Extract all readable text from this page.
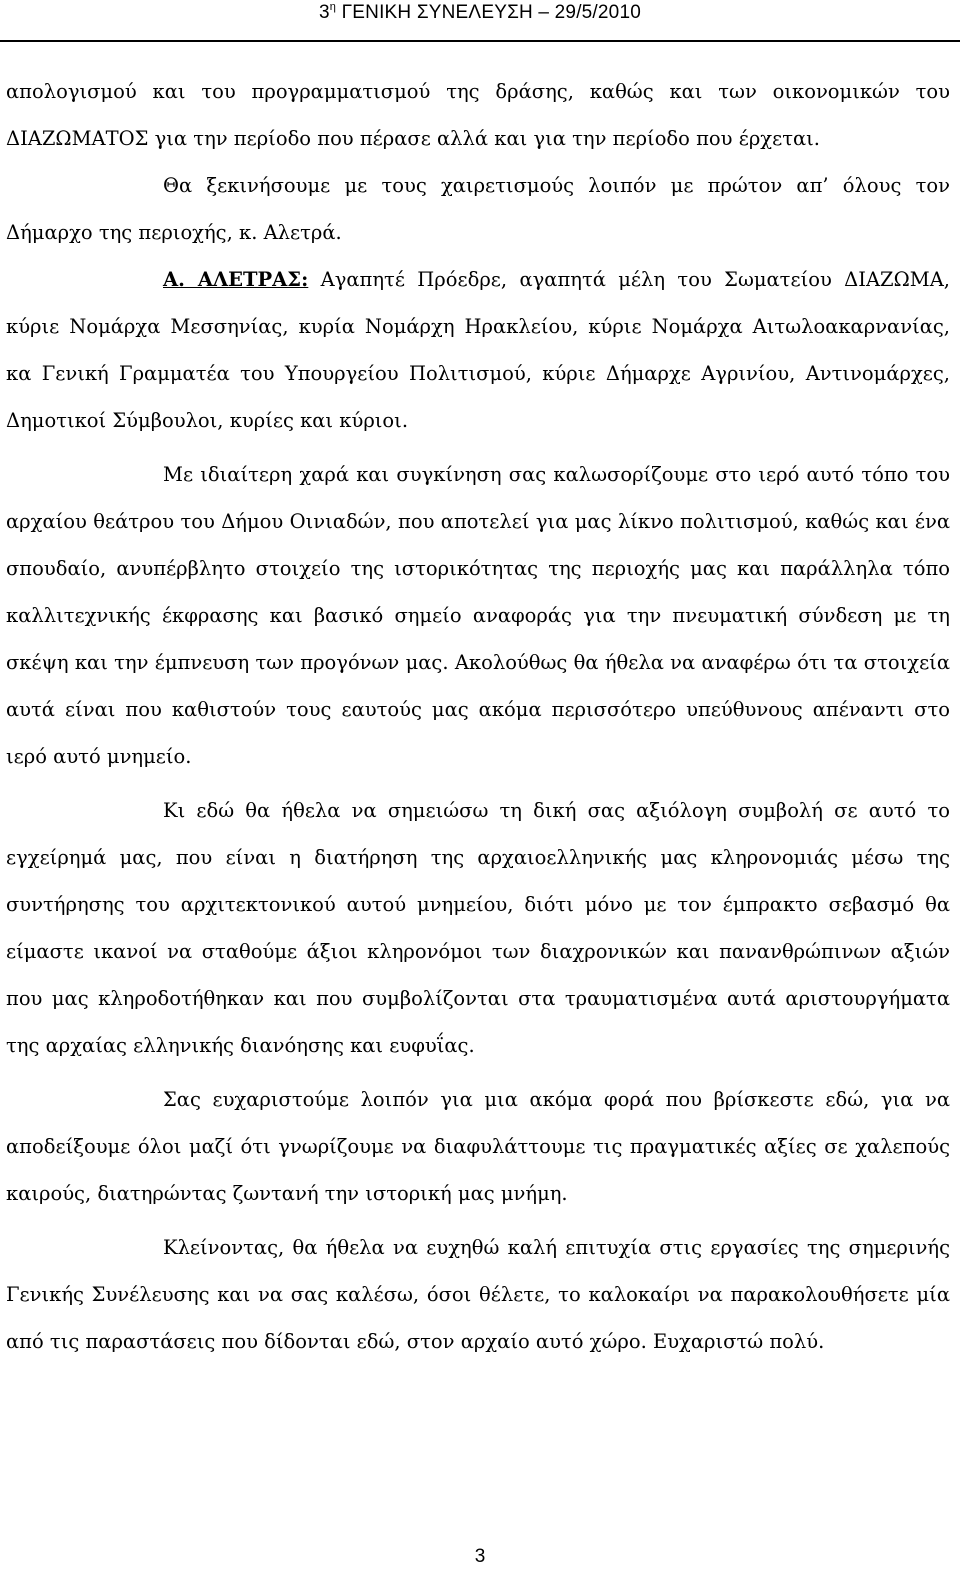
$3^\eta$ ΓΕΝΙΚΗ ΣΥΝΕΛΕΥΣΗ – 29/5/2010

απολογισμού και του προγραμματισμού της δράσης, καθώς και των οικονομικών του ΔΙΑΖΩΜΑΤΟΣ για την περίοδο που πέρασε αλλά και για την περίοδο που έρχεται.

Θα ξεκινήσουμε με τους χαιρετισμούς λοιπόν με πρώτον απ’ όλους τον Δήμαρχο της περιοχής, κ. Αλετρά.

Α. ΑΛΕΤΡΑΣ: Αγαπητέ Πρόεδρε, αγαπητά μέλη του Σωματείου ΔΙΑΖΩΜΑ, κύριε Νομάρχα Μεσσηνίας, κυρία Νομάρχη Ηρακλείου, κύριε Νομάρχα Αιτωλοακαρνανίας, κα Γενική Γραμματέα του Υπουργείου Πολιτισμού, κύριε Δήμαρχε Αγρινίου, Αντινομάρχες, Δημοτικοί Σύμβουλοι, κυρίες και κύριοι.

Με ιδιαίτερη χαρά και συγκίνηση σας καλωσορίζουμε στο ιερό αυτό τόπο του αρχαίου θεάτρου του Δήμου Οινιαδών, που αποτελεί για μας λίκνο πολιτισμού, καθώς και ένα σπουδαίο, ανυπέρβλητο στοιχείο της ιστορικότητας της περιοχής μας και παράλληλα τόπο καλλιτεχνικής έκφρασης και βασικό σημείο αναφοράς για την πνευματική σύνδεση με τη σκέψη και την έμπνευση των προγόνων μας. Ακολούθως θα ήθελα να αναφέρω ότι τα στοιχεία αυτά είναι που καθιστούν τους εαυτούς μας ακόμα περισσότερο υπεύθυνους απέναντι στο ιερό αυτό μνημείο.

Κι εδώ θα ήθελα να σημειώσω τη δική σας αξιόλογη συμβολή σε αυτό το εγχείρημά μας, που είναι η διατήρηση της αρχαιοελληνικής μας κληρονομιάς μέσω της συντήρησης του αρχιτεκτονικού αυτού μνημείου, διότι μόνο με τον έμπρακτο σεβασμό θα είμαστε ικανοί να σταθούμε άξιοι κληρονόμοι των διαχρονικών και πανανθρώπινων αξιών που μας κληροδοτήθηκαν και που συμβολίζονται στα τραυματισμένα αυτά αριστουργήματα της αρχαίας ελληνικής διανόησης και ευφυΐας.

Σας ευχαριστούμε λοιπόν για μια ακόμα φορά που βρίσκεστε εδώ, για να αποδείξουμε όλοι μαζί ότι γνωρίζουμε να διαφυλάττουμε τις πραγματικές αξίες σε χαλεπούς καιρούς, διατηρώντας ζωντανή την ιστορική μας μνήμη.

Κλείνοντας, θα ήθελα να ευχηθώ καλή επιτυχία στις εργασίες της σημερινής Γενικής Συνέλευσης και να σας καλέσω, όσοι θέλετε, το καλοκαίρι να παρακολουθήσετε μία από τις παραστάσεις που δίδονται εδώ, στον αρχαίο αυτό χώρο. Ευχαριστώ πολύ.

3
